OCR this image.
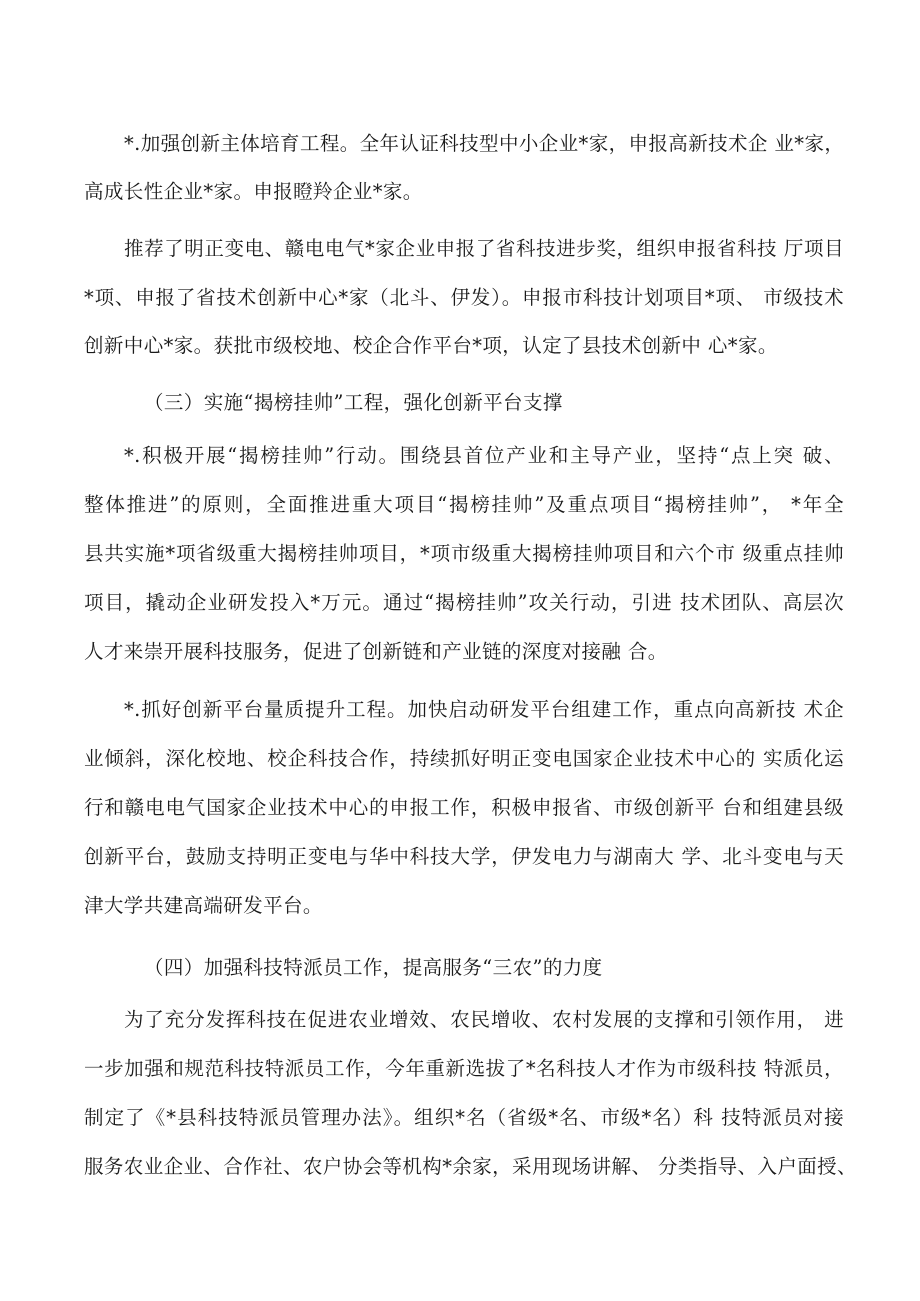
*.加强创新主体培育工程。全年认证科技型中小企业*家，申报高新技术企 业*家，
高成长性企业*家。申报瞪羚企业*家。
推荐了明正变电、赣电电气*家企业申报了省科技进步奖，组织申报省科技 厅项目
*项、申报了省技术创新中心*家（北斗、伊发）。申报市科技计划项目*项、 市级技术
创新中心*家。获批市级校地、校企合作平台*项，认定了县技术创新中 心*家。
（三）实施“揭榜挂帅”工程，强化创新平台支撑
*.积极开展“揭榜挂帅”行动。围绕县首位产业和主导产业，坚持“点上突 破、
整体推进”的原则，全面推进重大项目“揭榜挂帅”及重点项目“揭榜挂帅”， *年全
县共实施*项省级重大揭榜挂帅项目，*项市级重大揭榜挂帅项目和六个市 级重点挂帅
项目，撬动企业研发投入*万元。通过“揭榜挂帅”攻关行动，引进 技术团队、高层次
人才来崇开展科技服务，促进了创新链和产业链的深度对接融 合。
*.抓好创新平台量质提升工程。加快启动研发平台组建工作，重点向高新技 术企
业倾斜，深化校地、校企科技合作，持续抓好明正变电国家企业技术中心的 实质化运
行和赣电电气国家企业技术中心的申报工作，积极申报省、市级创新平 台和组建县级
创新平台，鼓励支持明正变电与华中科技大学，伊发电力与湖南大 学、北斗变电与天
津大学共建高端研发平台。
（四）加强科技特派员工作，提高服务“三农”的力度
为了充分发挥科技在促进农业增效、农民增收、农村发展的支撑和引领作用， 进
一步加强和规范科技特派员工作，今年重新选拔了*名科技人才作为市级科技 特派员，
制定了《*县科技特派员管理办法》。组织*名（省级*名、市级*名）科 技特派员对接
服务农业企业、合作社、农户协会等机构*余家，采用现场讲解、 分类指导、入户面授、
